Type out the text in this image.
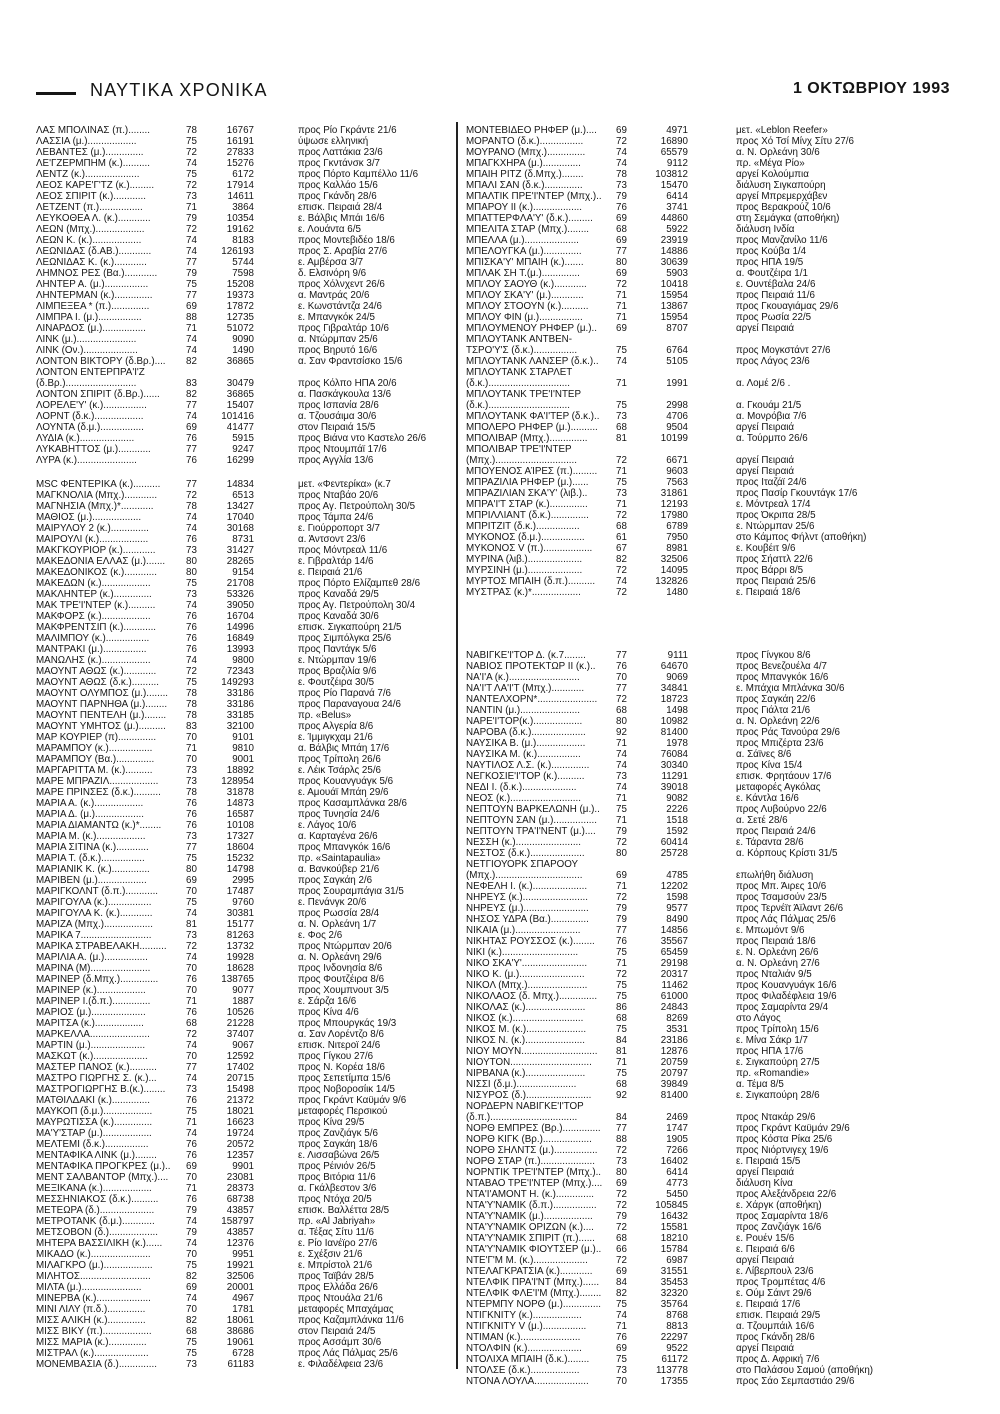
ΝΑΥΤΙΚΑ ΧΡΟΝΙΚΑ	1 ΟΚΤΩΒΡΙΟΥ 1993
ΛΑΣ ΜΠΟΛΙΝΑΣ (π.)........	78	16767	προς Ρίο Γκράντε 21/6
ΛΑΣΣΙΑ (μ.)..................	75	16191	ύψωσε ελληνική
ΛΕΒΑΝΤΕΣ (μ.)..............	72	27833	προς Λαττάκια 23/6
ΛΕ'ΓΖΕΡΜΠΗΜ (κ.)..........	74	15276	προς Γκντάνσκ 3/7
ΛΕΝΤΖ (κ.)....................	75	6172	προς Πόρτο Καμπέλλο 11/6
ΛΕΟΣ ΚΑΡΕ'Γ'ΤΖ (κ.).........	72	17914	προς Καλλάο 15/6
ΛΕΟΣ ΣΠΙΡΙΤ (κ.)............	73	14611	προς Γκάνδη 28/6
ΛΕΤΖΕΝΤ (π.)................	71	3864	επισκ. Πειραιά 28/4
ΛΕΥΚΟΘΕΑ Λ. (κ.)............	79	10354	ε. Βάλβις Μπάι 16/6
ΛΕΩΝ (Μπχ.)..................	72	19162	ε. Λουάντα 6/5
ΛΕΩΝ Κ. (κ.)..................	74	8183	προς Μοντεβιδέο 18/6
ΛΕΩΝΙΔΑΣ (δ.ΑΒ.)............	74	126193	προς Σ. Αραβία 27/6
ΛΕΩΝΙΔΑΣ Κ. (κ.)............	77	5744	ε. Αμβέρσα 3/7
ΛΗΜΝΟΣ ΡΕΣ (Βα.)............	79	7598	δ. Ελσινόρη 9/6
ΛΗΝΤΕΡ Α. (μ.)................	75	15208	προς Χόλνχεντ 26/6
ΛΗΝΤΕΡΜΑΝ (κ.)..............	77	19373	α. Μαντράς 20/6
ΛΙΜΠΕΞΕΑ * (π.)..............	69	17872	ε. Κωνστάντζα 24/6
ΛΙΜΠΡΑ Ι. (μ.)................	88	12735	ε. Μπανγκόκ 24/5
ΛΙΝΑΡΔΟΣ (μ.)................	71	51072	προς Γιβραλτάρ 10/6
ΛΙΝΚ (μ.)......................	74	9090	α. Ντώρμπαν 25/6
ΛΙΝΚ (Ον.)....................	74	1490	προς Βηρυτό 16/6
ΛΟΝΤΟΝ ΒΙΚΤΟΡΥ (δ.Βρ.)....	82	36865	α. Σαν Φραντσίσκο 15/6
ΛΟΝΤΟΝ ΕΝΤΕΡΠΡΑ'Ι'Ζ
(δ.Βρ.)..........................	83	30479	προς Κόλπο ΗΠΑ 20/6
ΛΟΝΤΟΝ ΣΠΙΡΙΤ (δ.Βρ.)......	82	36865	α. Πασκάγκουλα 13/6
ΛΟΡΕΛΕ'Υ' (κ.)................	77	15407	προς Ισπανία 28/6
ΛΟΡΝΤ (δ.κ.)..................	74	101416	α. Τζουσάιμα 30/6
ΛΟΥΝΤΑ (δ.μ.)................	69	41477	στον Πειραιά 15/5
ΛΥΔΙΑ (κ.)....................	76	5915	προς Βιάνα ντο Καστελο 26/6
ΛΥΚΑΒΗΤΤΟΣ (μ.)............	77	9247	προς Ντουμπάϊ 17/6
ΛΥΡΑ (κ.)......................	76	16299	προς Αγγλία 13/6
MSC ΦΕΝΤΕΡΙΚΑ (κ.)..........	77	14834	μετ. «Φεντερίκα» (κ.7
ΜΑΓΚΝΟΛΙΑ (Μπχ.)............	72	6513	προς Νταβάο 20/6
ΜΑΓΝΗΣΙΑ (Μπχ.)*............	78	13427	προς Αγ. Πετρούπολη 30/5
ΜΑΘΙΟΣ (μ.)..................	74	17040	προς Τάμπα 24/6
ΜΑΙΡΥΛΟΥ 2 (κ.)..............	74	30168	ε. Γιούρροπορτ 3/7
ΜΑΙΡΟΥΛΙ (κ.)..................	76	8731	α. Άντσοντ 23/6
ΜΑΚΓΚΟΥΡΙΟΡ (κ.)............	73	31427	προς Μόντρεαλ 11/6
ΜΑΚΕΔΟΝΙΑ ΕΛΛΑΣ (μ.).......	80	28265	ε. Γιβραλτάρ 14/6
ΜΑΚΕΔΟΝΙΚΟΣ (κ.)............	80	9154	ε. Πειραιά 21/6
ΜΑΚΕΔΩΝ (κ.)..................	75	21708	προς Πόρτο Ελίζαμπεθ 28/6
ΜΑΚΛΗΝΤΕΡ (κ.)..............	73	53326	προς Καναδά 29/5
ΜΑΚ ΤΡΕ'Ι'ΝΤΕΡ (κ.)..........	74	39050	προς Αγ. Πετρούπολη 30/4
ΜΑΚΦΟΡΣ (κ.)..................	76	16704	προς Καναδά 30/6
ΜΑΚΦΡΕΝΤΣΙΠ (κ.)............	76	14996	επισκ. Σιγκαπούρη 21/5
ΜΑΛΙΜΠΟΥ (κ.)................	76	16849	προς Σιμπόλγκα 25/6
ΜΑΝΤΡΑΚΙ (μ.)................	76	13993	προς Παντάγκ 5/6
ΜΑΝΩΛΗΣ (κ.)..................	74	9800	ε. Ντώρμπαν 19/6
ΜΑΟΥΝΤ ΑΘΩΣ (κ.)............	72	72343	προς Βραζιλία 9/6
ΜΑΟΥΝΤ ΑΘΩΣ (δ.κ.)..........	75	149293	ε. Φουτζέιρα 30/5
ΜΑΟΥΝΤ ΟΛΥΜΠΟΣ (μ.)........	78	33186	προς Ρίο Παρανά 7/6
ΜΑΟΥΝΤ ΠΑΡΝΗΘΑ (μ.)........	78	33186	προς Παραναγουα 24/6
ΜΑΟΥΝΤ ΠΕΝΤΕΛΗ (μ.)........	78	33185	πρ. «Belus»
ΜΑΟΥΝΤ ΥΜΗΤΟΣ (μ.)..........	83	32100	προς Αλγερία 8/6
ΜΑΡ ΚΟΥΡΙΕΡ (π)..............	70	9101	ε. Ίμμιγκχαμ 21/6
ΜΑΡΑΜΠΟΥ (κ.)................	71	9810	α. Βάλβις Μπάη 17/6
ΜΑΡΑΜΠΟΥ (Βα.)..............	70	9001	προς Τρίπολη 26/6
ΜΑΡΓΑΡΙΤΤΑ Μ. (κ.)..........	73	18892	ε. Λέικ Τσάρλς 25/6
ΜΑΡΕ ΜΠΡΑΖΙΛ..................	73	128954	προς Κουανγυάγκ 5/6
ΜΑΡΕ ΠΡΙΝΣΕΣ (δ.κ.)..........	78	31878	ε. Αμουάϊ Μπάη 29/6
ΜΑΡΙΑ Α. (κ.)..................	76	14873	προς Κασαμπλάνκα 28/6
ΜΑΡΙΑ Δ. (μ.)..................	76	16587	προς Τυνησία 24/6
ΜΑΡΙΑ ΔΙΑΜΑΝΤΩ (κ.)*........	76	10108	ε. Λάγος 10/6
ΜΑΡΙΑ Μ. (κ.)..................	73	17327	α. Καρταγένα 26/6
ΜΑΡΙΑ ΣΙΤΙΝΑ (κ.)............	77	18604	προς Μπανγκόκ 16/6
ΜΑΡΙΑ Τ. (δ.κ.)................	75	15232	πρ. «Saintapaulia»
ΜΑΡΙΑΝΙΚ Κ. (κ.)..............	80	14798	α. Βανκούβερ 21/6
ΜΑΡΙΒΕΝ (μ.)..................	69	2995	προς Σαγκάη 2/6
ΜΑΡΙΓΚΟΛΝΤ (δ.π.)............	70	17487	προς Σουραμπάγια 31/5
ΜΑΡΙΓΟΥΛΑ (κ.)................	75	9760	ε. Πενάνγκ 20/6
ΜΑΡΙΓΟΥΛΑ Κ. (κ.)............	74	30381	προς Ρωσσία 28/4
ΜΑΡΙΖΑ (Μπχ.)..................	81	15177	α. Ν. Ορλεάνη 1/7
ΜΑΡΙΚΑ 7..........................	73	81263	ε. Φος 2/6
ΜΑΡΙΚΑ ΣΤΡΑΒΕΛΑΚΗ..........	72	13732	προς Ντώρμπαν 20/6
ΜΑΡΙΛΙΑ Α. (μ.)................	74	19928	α. Ν. Ορλεάνη 29/6
ΜΑΡΙΝΑ (Μ)......................	70	18628	προς Ινδονησία 8/6
ΜΑΡΙΝΕΡ (δ.Μπχ.)..............	76	138765	προς Φουτζέιρα 8/6
ΜΑΡΙΝΕΡ (κ.)..................	70	9077	προς Χουμπνουτ 3/5
ΜΑΡΙΝΕΡ Ι.(δ.π.)..............	71	1887	ε. Σάρζα 16/6
ΜΑΡΙΟΣ (μ.)....................	76	10526	προς Κίνα 4/6
ΜΑΡΙΤΣΑ (κ.)..................	68	21228	προς Μπουργκάς 19/3
ΜΑΡΚΕΛΛΑ......................	72	37407	α. Σαν Λορέντζο 8/6
ΜΑΡΤΙΝ (μ.)....................	74	9067	επισκ. Νιτεροϊ 24/6
ΜΑΣΚΩΤ (κ.)....................	70	12592	προς Γίγκου 27/6
ΜΑΣΤΕΡ ΠΑΝΟΣ (κ.)..........	77	17402	προς Ν. Κορέα 18/6
ΜΑΣΤΡΟ ΓΙΩΡΓΗΣ Σ. (κ.)...	74	20715	προς Σεπετίμπα 15/6
ΜΑΣΤΡΟΓΙΩΡΓΗΣ Β.(κ.)........	73	15498	προς Νοβοροσίικ 14/5
ΜΑΤΘΙΛΔΑΚΙ (κ.)..............	76	21372	προς Γκράντ Καϋμάν 9/6
ΜΑΥΚΟΠ (δ.μ.)..................	75	18021	μεταφορές Περσικού
ΜΑΥΡΩΤΙΣΣΑ (κ.)..............	71	16623	προς Κίνα 29/5
ΜΑ'Υ'ΣΤΑΡ (μ.)..................	74	19724	προς Ζανζιάγκ 5/6
ΜΕΛΤΕΜΙ (δ.κ.)................	76	20572	προς Σαγκάη 18/6
ΜΕΝΤΑΦΙΚΑ ΛΙΝΚ (μ.)........	76	12357	ε. Λισσαβώνα 26/5
ΜΕΝΤΑΦΙΚΑ ΠΡΟΓΚΡΕΣ (μ.)..	69	9901	προς Ρέινιόν 26/5
ΜΕΝΤ ΣΑΛΒΑΝΤΟΡ (Μπχ.)....	70	23081	προς Βιτόρια 11/6
ΜΕΞΙΚΑΝΑ (κ.)..................	71	28373	α. Γκάλβεστον 3/6
ΜΕΣΣΗΝΙΑΚΟΣ (δ.κ.)..........	76	68738	προς Ντόχα 20/5
ΜΕΤΕΩΡΑ (δ.)....................	79	43857	επισκ. Βαλλέττα 28/5
ΜΕΤΡΟΤΑΝΚ (δ.μ.)............	74	158797	πρ. «Al Jabriyah»
ΜΕΤΣΟΒΟΝ (δ.)..................	79	43857	α. Τέξας Σίτυ 11/6
ΜΗΤΕΡΑ ΒΑΣΣΙΛΙΚΗ (κ.)......	74	12376	ε. Ρίο Ιανέϊρο 27/6
ΜΙΚΑΔΟ (κ.)......................	70	9951	ε. Σχέξσιν 21/6
ΜΙΛΑΓΚΡΟ (μ.)..................	75	19921	ε. Μπρίστολ 21/6
ΜΙΛΗΤΟΣ..........................	82	32506	προς Ταϊβάν 28/5
ΜΙΛΤΑ (μ.)......................	69	20001	προς Ελλάδα 26/6
ΜΙΝΕΡΒΑ (κ.)....................	74	4967	προς Ντουάλα 21/6
ΜΙΝΙ ΛΙΛΥ (π.δ.)..............	70	1781	μεταφορές Μπαχάμας
ΜΙΣΣ ΑΛΙΚΗ (κ.)..............	82	18061	προς Καζαμπλάνκα 11/6
ΜΙΣΣ ΒΙΚΥ (π.)..................	68	38686	στον Πειραιά 24/5
ΜΙΣΣ ΜΑΡΙΑ (κ.)..............	75	19061	προς Ασσάμπ 30/6
ΜΙΣΤΡΑΛ (κ.)....................	75	6728	προς Λάς Πάλμας 25/6
ΜΟΝΕΜΒΑΣΙΑ (δ.)..............	73	61183	ε. Φιλαδέλφεια 23/6
ΜΟΝΤΕΒΙΔΕΟ ΡΗΦΕΡ (μ.)....	69	4971	μετ. «Leblon Reefer»
ΜΟΡΑΝΤΟ (δ.κ.)................	72	16890	προς Χό Τσί Μίνχ Σίτυ 27/6
ΜΟΥΡΑΝΟ (Μπχ.)..............	74	65579	α. Ν. Ορλεάνη 30/6
ΜΠΑΓΚΧΗΡΑ (μ.)..............	74	9112	πρ. «Μέγα Ρίο»
ΜΠΑΙΗ ΡΙΤΖ (δ.Μπχ.)........	78	103812	αργεί Κολούμπια
ΜΠΑΛΙ ΣΑΝ (δ.κ.)..............	73	15470	διάλυση Σιγκαπούρη
ΜΠΑΛΤΙΚ ΠΡΕ'Ι'ΝΤΕΡ (Μπχ.)..	79	6414	αργεί Μπρεμερχάβεν
ΜΠΑΡΟΥ ΙΙ (κ.)..................	76	3741	προς Βερακρούζ 10/6
ΜΠΑΤΤΕΡΦΛΑ'Υ' (δ.κ.).........	69	44860	στη Σεμάγκα (αποθήκη)
ΜΠΕΛΙΤΑ ΣΤΑΡ (Μπχ.)........	68	5922	διάλυση Ινδία
ΜΠΕΛΛΑ (μ.)....................	69	23919	προς Μανζανίλο 11/6
ΜΠΕΛΟΥΓΚΑ (μ.)..............	77	14886	προς Κούβα 1/4
ΜΠΙΣΚΑ'Υ' ΜΠΑΙΗ (κ.).......	80	30639	προς ΗΠΑ 19/5
ΜΠΛΑΚ ΣΗ Τ.(μ.)..............	69	5903	α. Φουτζέιρα 1/1
ΜΠΛΟΥ ΣΑΟΥΘ (κ.)............	72	10418	ε. Ουντέβαλα 24/6
ΜΠΛΟΥ ΣΚΑ'Υ' (μ.)............	71	15954	προς Πειραιά 11/6
ΜΠΛΟΥ ΣΤΟΟΥΝ (κ.)..........	71	13867	προς Γκουαγιάμας 29/6
ΜΠΛΟΥ ΦΙΝ (μ.)................	71	15954	προς Ρωσία 22/5
ΜΠΛΟΥΜΕΝΟΥ ΡΗΦΕΡ (μ.)..	69	8707	αργεί Πειραιά
ΜΠΛΟΥΤΑΝΚ ΑΝΤΒΕΝ-
ΤΣΡΟ'Υ'Σ (δ.κ.)................	75	6764	προς Μογκστάντ 27/6
ΜΠΛΟΥΤΑΝΚ ΛΑΝΣΕΡ (δ.κ.)..	74	5105	προς Λάγος 23/6
ΜΠΛΟΥΤΑΝΚ ΣΤΑΡΛΕΤ
(δ.κ.)..............................	71	1991	α. Λομέ 2/6 .
ΜΠΛΟΥΤΑΝΚ ΤΡΕ'Ι'ΝΤΕΡ
(δ.κ.)..............................	75	2998	α. Γκουάμ 21/5
ΜΠΛΟΥΤΑΝΚ ΦΑ'Ι'ΤΕΡ (δ.κ.)..	73	4706	α. Μονρόβια 7/6
ΜΠΟΛΕΡΟ ΡΗΦΕΡ (μ.)..........	68	9504	αργεί Πειραιά
ΜΠΟΛΙΒΑΡ (Μπχ.)..............	81	10199	α. Τούρμπο 26/6
ΜΠΟΛΙΒΑΡ ΤΡΕ'Ι'ΝΤΕΡ
(Μπχ.)..............................	72	6671	αργεί Πειραιά
ΜΠΟΥΕΝΟΣ ΑΊΡΕΣ (π.).........	71	9603	αργεί Πειραιά
ΜΠΡΑΖΙΛΙΑ ΡΗΦΕΡ (μ.)......	75	7563	προς Ιταζάϊ 24/6
ΜΠΡΑΖΙΛΙΑΝ ΣΚΑ'Υ' (λιβ.)..	73	31861	προς Πασίρ Γκουντάγκ 17/6
ΜΠΡΑ'Ι'Τ ΣΤΑΡ (κ.)..............	71	12193	ε. Μόντρεαλ 17/4
ΜΠΡΙΛΛΙΑΝΤ (δ.κ.)..............	72	17980	προς Όκριπα 28/5
ΜΠΡΙΤΖΙΤ (δ.κ.)................	68	6789	ε. Ντώρμπαν 25/6
ΜΥΚΟΝΟΣ (δ.μ.)................	61	7950	στο Κάμπος Φήλντ (αποθήκη)
ΜΥΚΟΝΟΣ V (π.)..................	67	8981	ε. Κουβέιτ 9/6
ΜΥΡΙΝΑ (λιβ.)....................	82	32506	προς Σήαττλ 22/6
ΜΥΡΣΙΝΗ (μ.)....................	72	14095	προς Βάρρι 8/5
ΜΥΡΤΟΣ ΜΠΑΙΗ (δ.π.)..........	74	132826	προς Πειραιά 25/6
ΜΥΣΤΡΑΣ (κ.)*..................	72	1480	ε. Πειραιά 18/6
ΝΑΒΙΓΚΕ'Ι'ΤΟΡ Δ. (κ.7........	77	9111	προς Γίνγκου 8/6
ΝΑΒΙΟΣ ΠΡΟΤΕΚΤΩΡ ΙΙ (κ.)..	76	64670	προς Βενεζουέλα 4/7
ΝΑ'Ι'Α (κ.)..........................	70	9069	προς Μπανγκόκ 16/6
ΝΑ'Ι'Τ ΛΑ'Ι'Τ (Μπχ.)............	77	34841	ε. Μπάχια Μπλάνκα 30/6
ΝΑΝΤΕΛΧΟΡΝ*......................	72	18723	προς Σαγκάη 22/6
ΝΑΝΤΙΝ (μ.)......................	68	1498	προς Γιάλτα 21/6
ΝΑΡΕ'Ι'ΤΟΡ(κ.)..................	80	10982	α. Ν. Ορλεάνη 22/6
ΝΑΡΟΒΑ (δ.κ.)....................	92	81400	προς Ράς Τανούρα 29/6
ΝΑΥΣΙΚΑ Β. (μ.)..................	71	1978	προς Μπιζέρτα 23/6
ΝΑΥΣΙΚΑ Μ. (κ.)................	74	76084	α. Σάϊνες 8/6
ΝΑΥΤΙΛΟΣ Λ.Σ. (κ.)..............	74	30340	προς Κίνα 15/4
ΝΕΓΚΟΣΙΕ'Ι'ΤΟΡ (κ.)..........	73	11291	επισκ. Φρητάουν 17/6
ΝΕΔΙ Ι. (δ.κ.)....................	74	39018	μεταφορές Αγκόλας
ΝΕΟΣ (κ.)..........................	71	9082	ε. Κάντλα 16/6
ΝΕΠΤΟΥΝ ΒΑΡΚΕΛΩΝΗ (μ.)..	75	2226	προς Λυβούρνο 22/6
ΝΕΠΤΟΥΝ ΣΑΝ (μ.)................	71	1518	α. Σετέ 28/6
ΝΕΠΤΟΥΝ ΤΡΑ'Ι'ΝΕΝΤ (μ.)....	79	1592	προς Πειραιά 24/6
ΝΕΣΣΗ (κ.)........................	72	60414	ε. Τάραντα 28/6
ΝΕΣΤΟΣ (δ.κ.)....................	80	25728	α. Κόρπους Κρίστι 31/5
ΝΕΤΓΙΟΥΟΡΚ ΣΠΑΡΟΟΥ
(Μπχ.)................................	69	4785	επωλήθη διάλυση
ΝΕΦΕΛΗ Ι. (κ.)....................	71	12202	προς Μπ. Άιρες 10/6
ΝΗΡΕΥΣ (κ.)........................	72	1598	προς Τσαμσούν 23/5
ΝΗΡΕΥΣ (μ.)........................	79	9577	προς Τερνέϊτ Άϊλαντ 26/6
ΝΗΣΟΣ ΥΔΡΑ (Βα.)..............	79	8490	προς Λάς Πάλμας 25/6
ΝΙΚΑΙΑ (μ.)........................	77	14856	ε. Μπωμόντ 9/6
ΝΙΚΗΤΑΣ ΡΟΥΣΣΟΣ (κ.)........	76	35567	προς Πειραιά 18/6
ΝΙΚΙ (κ.)............................	75	65459	ε. Ν. Ορλεάνη 26/6
ΝΙΚΟ ΣΚΑ'Υ'........................	71	29198	α. Ν. Ορλεάνη 27/6
ΝΙΚΟ Κ. (μ.)........................	72	20317	προς Νταλιάν 9/5
ΝΙΚΟΛ (Μπχ.)......................	75	11462	προς Κουανγυάγκ 16/6
ΝΙΚΟΛΑΟΣ (δ. Μπχ.)..............	75	61000	προς Φιλαδέφλεια 19/6
ΝΙΚΟΛΑΣ (κ.)......................	86	24843	προς Σαμαρίντα 29/4
ΝΙΚΟΣ (κ.)..........................	68	8269	στο Λάγος
ΝΙΚΟΣ Μ. (κ.)......................	75	3531	προς Τρίπολη 15/6
ΝΙΚΟΣ Ν. (κ.)......................	84	23186	ε. Μίνα Σάκρ 1/7
ΝΙΟΥ ΜΟΥΝ............................	81	12876	προς ΗΠΑ 17/6
ΝΙΟΥΤΟΝ..............................	71	20759	ε. Σιγκαπούρη 27/5
ΝΙΡΒΑΝΑ (κ.)......................	75	20797	πρ. «Romandie»
ΝΙΣΣΙ (δ.μ.)......................	68	39849	α. Τέμα 8/5
ΝΙΣΥΡΟΣ (δ.)........................	92	81400	ε. Σιγκαπούρη 28/6
ΝΟΡΔΕΡΝ ΝΑΒΙΓΚΕ'Ι'ΤΟΡ
(δ.π.)................................	84	2469	προς Ντακάρ 29/6
ΝΟΡΘ ΕΜΠΡΕΣ (Βρ.)..............	77	1747	προς Γκράντ Καϋμάν 29/6
ΝΟΡΘ ΚΙΓΚ (Βρ.)..................	88	1905	προς Κόστα Ρίκα 25/6
ΝΟΡΘ ΣΗΛΝΤΣ (μ.)................	72	7266	προς Νιόρτνιγεχ 19/6
ΝΟΡΘ ΣΤΑΡ (π.)....................	73	16402	ε. Πειραιά 15/5
ΝΟΡΝΤΙΚ ΤΡΕ'Ι'ΝΤΕΡ (Μπχ.)..	80	6414	αργεί Πειραιά
ΝΤΑΒΑΟ ΤΡΕ'Ι'ΝΤΕΡ (Μπχ.)....	69	4773	διάλυση Κίνα
ΝΤΑ'Ι'ΑΜΟΝΤ Η. (κ.)..............	72	5450	προς Αλεξάνδρεια 22/6
ΝΤΑ'Υ'ΝΑΜΙΚ (δ.π.)................	72	105845	ε. Χάργκ (αποθήκη)
ΝΤΑ'Υ'ΝΑΜΙΚ (μ.)..................	79	16432	προς Σαμαρίντα 18/6
ΝΤΑ'Υ'ΝΑΜΙΚ ΟΡΙΖΩΝ (κ.)....	72	15581	προς Ζανζιάγκ 16/6
ΝΤΑ'Υ'ΝΑΜΙΚ ΣΠΙΡΙΤ (π.)......	68	18210	ε. Ρουέν 15/6
ΝΤΑ'Υ'ΝΑΜΙΚ ΦΙΟΥΤΣΕΡ (μ.)..	66	15784	ε. Πειραιά 6/6
ΝΤΕ'Γ'Μ Μ. (κ.)....................	72	6987	αργεί Πειραιά
ΝΤΕΛΑΓΚΡΑΤΣΙΑ (κ.)............	69	31551	ε. Λίβερπουλ 23/6
ΝΤΕΛΦΙΚ ΠΡΑ'Ι'ΝΤ (Μπχ.)......	84	35453	προς Τρομπέτας 4/6
ΝΤΕΛΦΙΚ ΦΛΕ'Ι'Μ (Μπχ.)........	82	32320	ε. Ούμ Σάιντ 29/6
ΝΤΕΡΜΠΥ ΝΟΡΘ (μ.)..............	75	35764	ε. Πειραιά 17/6
ΝΤΙΓΚΝΙΤΥ (κ.)..................	74	8768	επισκ. Πειραιά 29/5
ΝΤΙΓΚΝΙΤΥ V (μ.)................	71	8813	α. Τζουμπάιλ 16/6
ΝΤΙΜΑΝ (κ.)......................	76	22297	προς Γκάνδη 28/6
ΝΤΟΛΦΙΝ (κ.)....................	69	9522	αργεί Πειραιά
ΝΤΟΛΙΧΑ ΜΠΑΙΗ (δ.κ.)........	75	61172	προς Δ. Αφρική 7/6
ΝΤΟΛΣΕ (δ.κ.)..................	73	113778	στο Παλάσου Σαμού (αποθήκη)
ΝΤΟΝΑ ΛΟΥΛΑ....................	70	17355	προς Σάο Σεμπαστιάο 29/6
